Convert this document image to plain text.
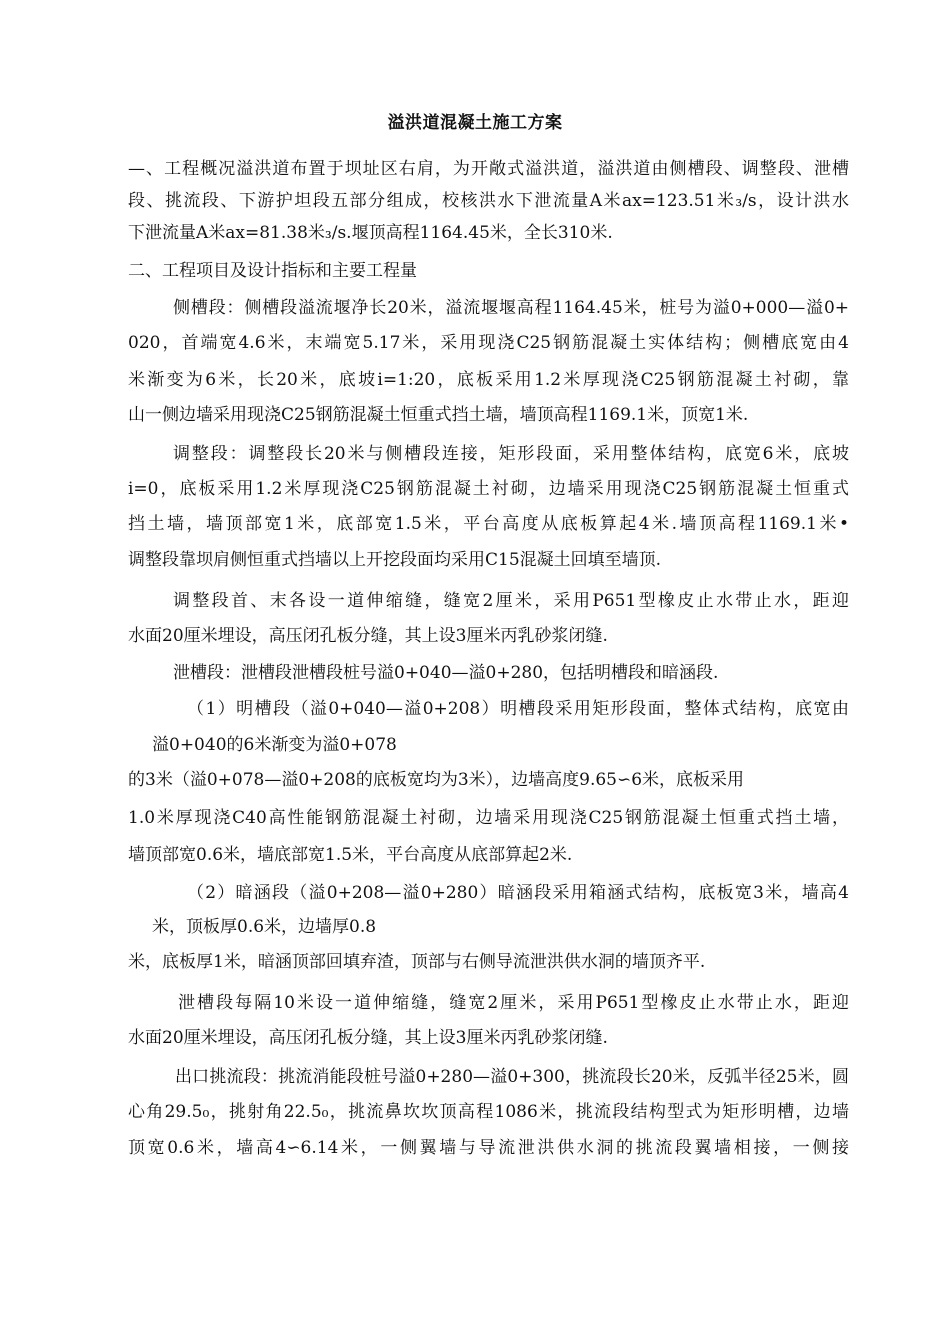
溢洪道混凝土施工方案

—、工程概况溢洪道布置于坝址区右肩，为开敞式溢洪道，溢洪道由侧槽段、调整段、泄槽

段、挑流段、下游护坦段五部分组成，校核洪水下泄流量A米ax=123.51米₃/s，设计洪水

下泄流量A米ax=81.38米₃/s.堰顶高程1164.45米，全长310米.

二、工程项目及设计指标和主要工程量

侧槽段：侧槽段溢流堰净长20米，溢流堰堰高程1164.45米，桩号为溢0+000—溢0+

020，首端宽4.6米，末端宽5.17米，采用现浇C25钢筋混凝土实体结构；侧槽底宽由4

米渐变为6米，长20米，底坡i=1:20，底板采用1.2米厚现浇C25钢筋混凝土衬砌，靠

山一侧边墙采用现浇C25钢筋混凝土恒重式挡土墙，墙顶高程1169.1米，顶宽1米.

调整段：调整段长20米与侧槽段连接，矩形段面，采用整体结构，底宽6米，底坡

i=0，底板采用1.2米厚现浇C25钢筋混凝土衬砌，边墙采用现浇C25钢筋混凝土恒重式

挡土墙，墙顶部宽1米，底部宽1.5米，平台高度从底板算起4米.墙顶高程1169.1米•

调整段靠坝肩侧恒重式挡墙以上开挖段面均采用C15混凝土回填至墙顶.

调整段首、末各设一道伸缩缝，缝宽2厘米，采用P651型橡皮止水带止水，距迎

水面20厘米埋设，高压闭孔板分缝，其上设3厘米丙乳砂浆闭缝.

泄槽段：泄槽段泄槽段桩号溢0+040—溢0+280，包括明槽段和暗涵段.

（1）明槽段（溢0+040—溢0+208）明槽段采用矩形段面，整体式结构，底宽由

溢0+040的6米渐变为溢0+078

的3米（溢0+078—溢0+208的底板宽均为3米），边墙高度9.65∽6米，底板采用

1.0米厚现浇C40高性能钢筋混凝土衬砌，边墙采用现浇C25钢筋混凝土恒重式挡土墙，

墙顶部宽0.6米，墙底部宽1.5米，平台高度从底部算起2米.

（2）暗涵段（溢0+208—溢0+280）暗涵段采用箱涵式结构，底板宽3米，墙高4

米，顶板厚0.6米，边墙厚0.8

米，底板厚1米，暗涵顶部回填弃渣，顶部与右侧导流泄洪供水洞的墙顶齐平.

泄槽段每隔10米设一道伸缩缝，缝宽2厘米，采用P651型橡皮止水带止水，距迎

水面20厘米埋设，高压闭孔板分缝，其上设3厘米丙乳砂浆闭缝.

出口挑流段：挑流消能段桩号溢0+280—溢0+300，挑流段长20米，反弧半径25米，圆

心角29.5₀，挑射角22.5₀，挑流鼻坎坎顶高程1086米，挑流段结构型式为矩形明槽，边墙

顶宽0.6米，墙高4∽6.14米，一侧翼墙与导流泄洪供水洞的挑流段翼墙相接，一侧接
